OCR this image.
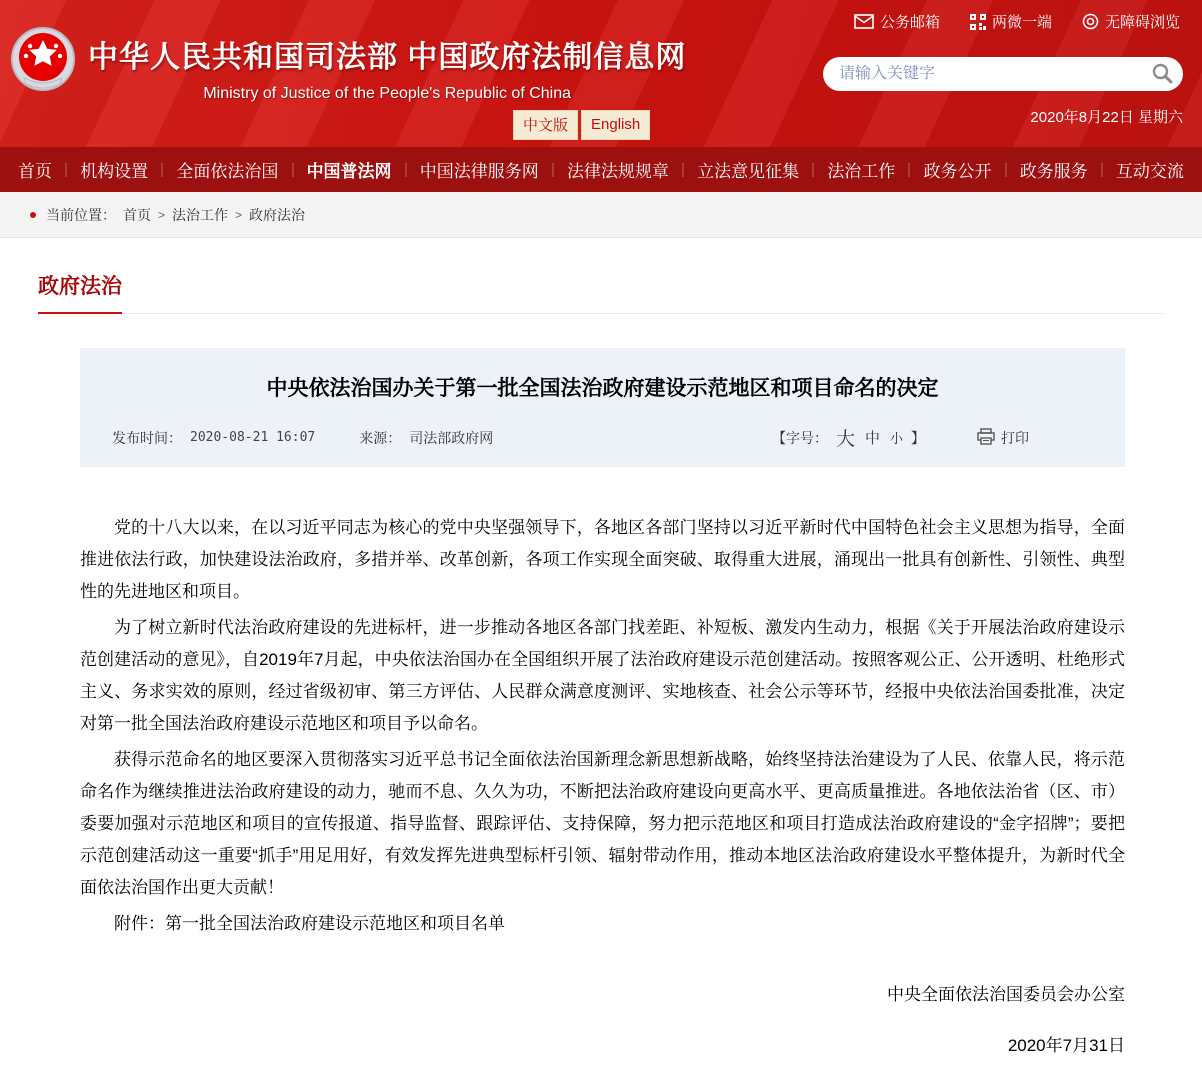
公务邮箱	两微一端	无障碍浏览
中华人民共和国司法部 中国政府法制信息网
Ministry of Justice of the People's Republic of China
请输入关键字
2020年8月22日 星期六
中文版	English
首页 | 机构设置 | 全面依法治国 | 中国普法网 | 中国法律服务网 | 法律法规规章 | 立法意见征集 | 法治工作 | 政务公开 | 政务服务 | 互动交流
当前位置： 首页 > 法治工作 > 政府法治
政府法治
中央依法治国办关于第一批全国法治政府建设示范地区和项目命名的决定
发布时间： 2020-08-21 16:07	来源： 司法部政府网	【字号： 大 中 小 】	打印

党的十八大以来，在以习近平同志为核心的党中央坚强领导下，各地区各部门坚持以习近平新时代中国特色社会主义思想为指导，全面推进依法行政，加快建设法治政府，多措并举、改革创新，各项工作实现全面突破、取得重大进展，涌现出一批具有创新性、引领性、典型性的先进地区和项目。

为了树立新时代法治政府建设的先进标杆，进一步推动各地区各部门找差距、补短板、激发内生动力，根据《关于开展法治政府建设示范创建活动的意见》，自2019年7月起，中央依法治国办在全国组织开展了法治政府建设示范创建活动。按照客观公正、公开透明、杜绝形式主义、务求实效的原则，经过省级初审、第三方评估、人民群众满意度测评、实地核查、社会公示等环节，经报中央依法治国委批准，决定对第一批全国法治政府建设示范地区和项目予以命名。

获得示范命名的地区要深入贯彻落实习近平总书记全面依法治国新理念新思想新战略，始终坚持法治建设为了人民、依靠人民，将示范命名作为继续推进法治政府建设的动力，驰而不息、久久为功，不断把法治政府建设向更高水平、更高质量推进。各地依法治省（区、市）委要加强对示范地区和项目的宣传报道、指导监督、跟踪评估、支持保障，努力把示范地区和项目打造成法治政府建设的“金字招牌”；要把示范创建活动这一重要“抓手”用足用好，有效发挥先进典型标杆引领、辐射带动作用，推动本地区法治政府建设水平整体提升，为新时代全面依法治国作出更大贡献！

附件：第一批全国法治政府建设示范地区和项目名单
中央全面依法治国委员会办公室
2020年7月31日
